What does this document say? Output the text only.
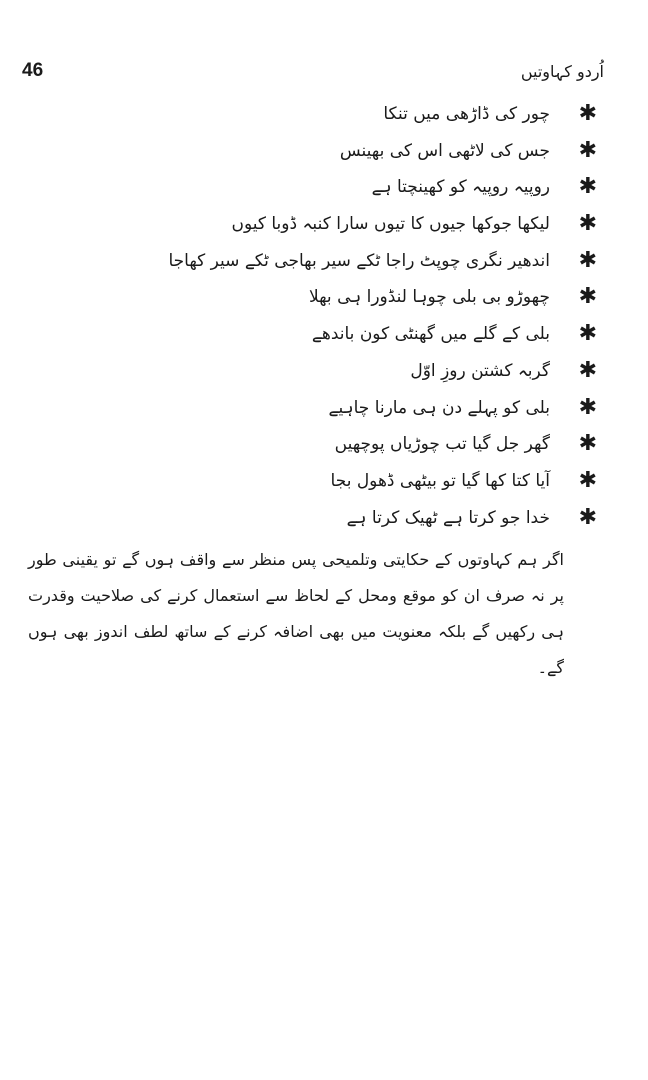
46	اُردو کہاوتیں
✱
چور کی ڈاڑھی میں تنکا
✱
جس کی لاٹھی اس کی بھینس
✱
روپیہ روپیہ کو کھینچتا ہے
✱
لیکھا جوکھا جیوں کا تیوں سارا کنبہ ڈوبا کیوں
✱
اندھیر نگری چوپٹ راجا ٹکے سیر بھاجی ٹکے سیر کھاجا
✱
چھوڑو بی بلی چوہا لنڈورا ہی بھلا
✱
بلی کے گلے میں گھنٹی کون باندھے
✱
گربہ کشتن روزِ اوّل
✱
بلی کو پہلے دن ہی مارنا چاہیے
✱
گھر جل گیا تب چوڑیاں پوچھیں
✱
آیا کتا کھا گیا تو بیٹھی ڈھول بجا
✱
خدا جو کرتا ہے ٹھیک کرتا ہے

اگر ہم کہاوتوں کے حکایتی وتلمیحی پس منظر سے واقف ہوں گے تو یقینی طور پر نہ صرف ان کو موقع ومحل کے لحاظ سے استعمال کرنے کی صلاحیت وقدرت ہی رکھیں گے بلکہ معنویت میں بھی اضافہ کرنے کے ساتھ لطف اندوز بھی ہوں گے۔
